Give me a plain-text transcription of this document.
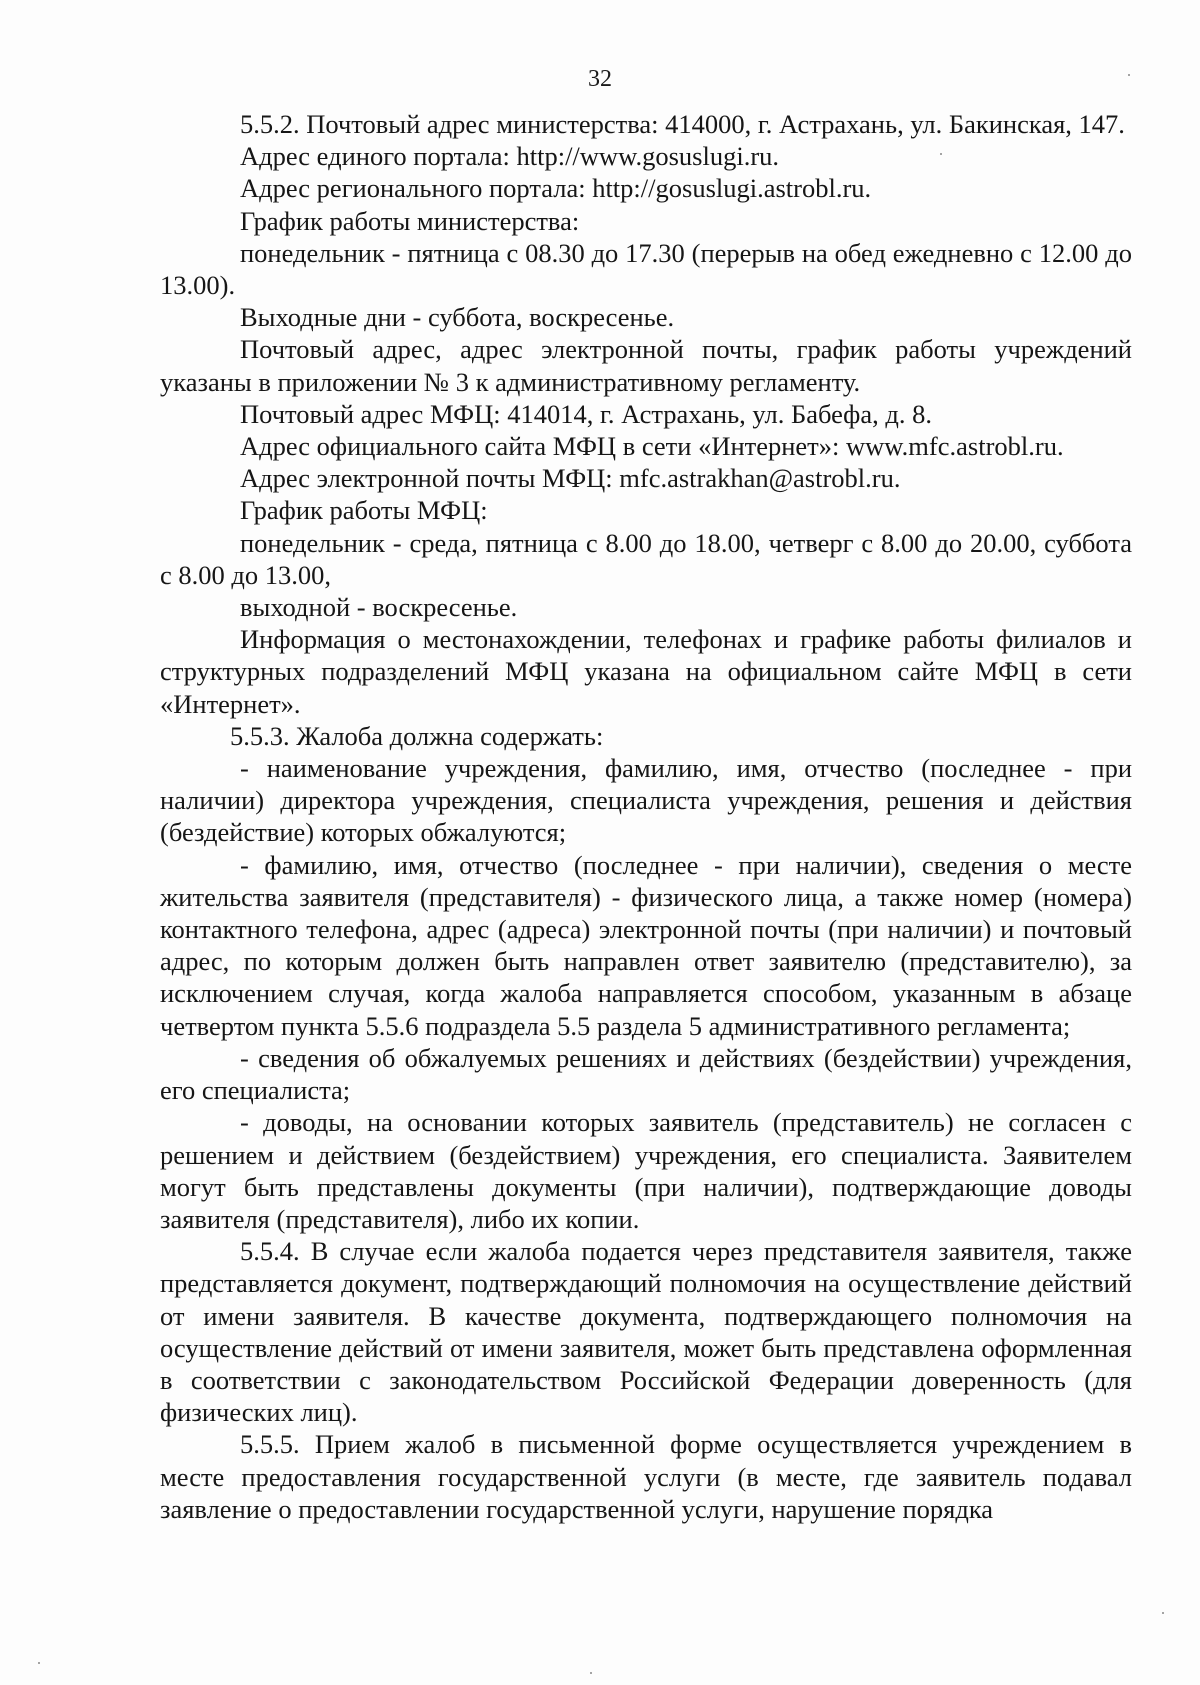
32

5.5.2. Почтовый адрес министерства: 414000, г. Астрахань, ул. Бакинская, 147.

Адрес единого портала: http://www.gosuslugi.ru.

Адрес регионального портала: http://gosuslugi.astrobl.ru.

График работы министерства:

понедельник - пятница с 08.30 до 17.30 (перерыв на обед ежедневно с 12.00 до 13.00).

Выходные дни - суббота, воскресенье.

Почтовый адрес, адрес электронной почты, график работы учреждений указаны в приложении № 3 к административному регламенту.

Почтовый адрес МФЦ: 414014, г. Астрахань, ул. Бабефа, д. 8.

Адрес официального сайта МФЦ в сети «Интернет»: www.mfc.astrobl.ru.

Адрес электронной почты МФЦ: mfc.astrakhan@astrobl.ru.

График работы МФЦ:

понедельник - среда, пятница с 8.00 до 18.00, четверг с 8.00 до 20.00, суббота с 8.00 до 13.00,

выходной - воскресенье.

Информация о местонахождении, телефонах и графике работы филиалов и структурных подразделений МФЦ указана на официальном сайте МФЦ в сети «Интернет».

5.5.3. Жалоба должна содержать:

- наименование учреждения, фамилию, имя, отчество (последнее - при наличии) директора учреждения, специалиста учреждения, решения и действия (бездействие) которых обжалуются;

- фамилию, имя, отчество (последнее - при наличии), сведения о месте жительства заявителя (представителя) - физического лица, а также номер (номера) контактного телефона, адрес (адреса) электронной почты (при наличии) и почтовый адрес, по которым должен быть направлен ответ заявителю (представителю), за исключением случая, когда жалоба направляется способом, указанным в абзаце четвертом пункта 5.5.6 подраздела 5.5 раздела 5 административного регламента;

- сведения об обжалуемых решениях и действиях (бездействии) учреждения, его специалиста;

- доводы, на основании которых заявитель (представитель) не согласен с решением и действием (бездействием) учреждения, его специалиста. Заявителем могут быть представлены документы (при наличии), подтверждающие доводы заявителя (представителя), либо их копии.

5.5.4. В случае если жалоба подается через представителя заявителя, также представляется документ, подтверждающий полномочия на осуществление действий от имени заявителя. В качестве документа, подтверждающего полномочия на осуществление действий от имени заявителя, может быть представлена оформленная в соответствии с законодательством Российской Федерации доверенность (для физических лиц).

5.5.5. Прием жалоб в письменной форме осуществляется учреждением в месте предоставления государственной услуги (в месте, где заявитель подавал заявление о предоставлении государственной услуги, нарушение порядка
